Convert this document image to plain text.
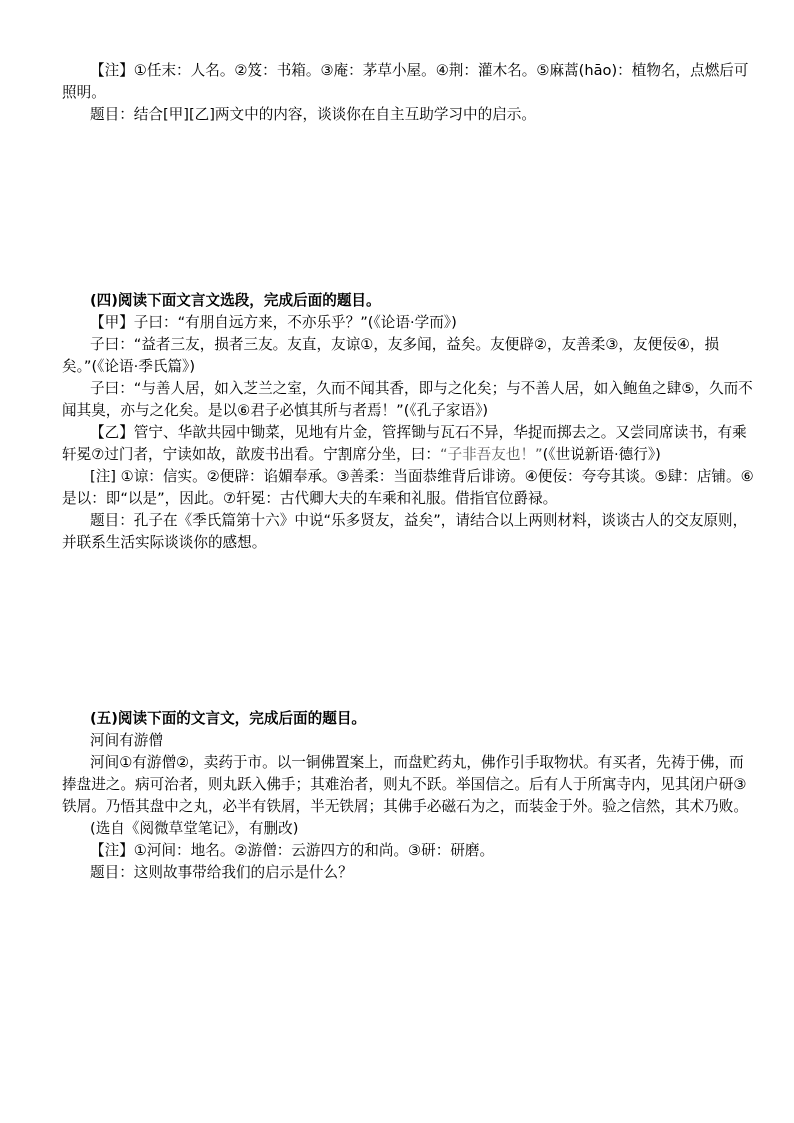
【注】①任末：人名。②笈：书箱。③庵：茅草小屋。④荆：灌木名。⑤麻蒿(hāo)：植物名，点燃后可照明。

题目：结合[甲][乙]两文中的内容，谈谈你在自主互助学习中的启示。

(四)阅读下面文言文选段，完成后面的题目。

【甲】子曰：“有朋自远方来，不亦乐乎？”(《论语·学而》)

子曰：“益者三友，损者三友。友直，友谅①，友多闻，益矣。友便辟②，友善柔③，友便佞④，损矣。”(《论语·季氏篇》)

子曰：“与善人居，如入芝兰之室，久而不闻其香，即与之化矣；与不善人居，如入鲍鱼之肆⑤，久而不闻其臭，亦与之化矣。是以⑥君子必慎其所与者焉！”(《孔子家语》)

【乙】管宁、华歆共园中锄菜，见地有片金，管挥锄与瓦石不异，华捉而掷去之。又尝同席读书，有乘轩冕⑦过门者，宁读如故，歆废书出看。宁割席分坐，曰：“子非吾友也！”(《世说新语·德行》)

[注] ①谅：信实。②便辟：谄媚奉承。③善柔：当面恭维背后诽谤。④便佞：夸夸其谈。⑤肆：店铺。⑥是以：即“以是”，因此。⑦轩冕：古代卿大夫的车乘和礼服。借指官位爵禄。

题目：孔子在《季氏篇第十六》中说“乐多贤友，益矣”，请结合以上两则材料，谈谈古人的交友原则，并联系生活实际谈谈你的感想。

(五)阅读下面的文言文，完成后面的题目。

河间有游僧

河间①有游僧②，卖药于市。以一铜佛置案上，而盘贮药丸，佛作引手取物状。有买者，先祷于佛，而捧盘进之。病可治者，则丸跃入佛手；其难治者，则丸不跃。举国信之。后有人于所寓寺内，见其闭户研③铁屑。乃悟其盘中之丸，必半有铁屑，半无铁屑；其佛手必磁石为之，而装金于外。验之信然，其术乃败。

(选自《阅微草堂笔记》，有删改)

【注】①河间：地名。②游僧：云游四方的和尚。③研：研磨。

题目：这则故事带给我们的启示是什么？
